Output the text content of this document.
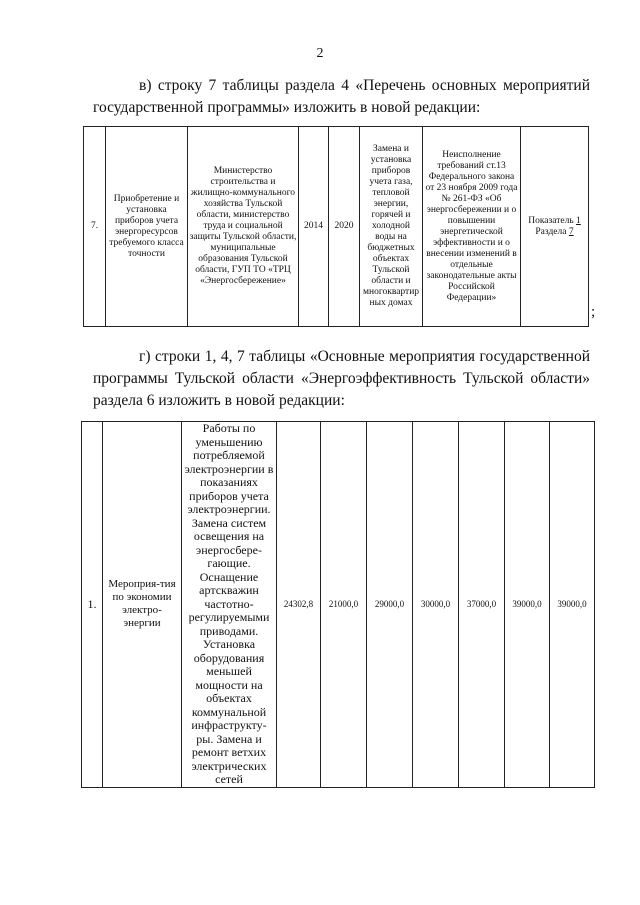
2
в) строку 7 таблицы раздела 4 «Перечень основных мероприятий
государственной программы» изложить в новой редакции:
7.	Приобретение и установка приборов учета энергоресурсов требуемого класса точности	Министерство строительства и жилищно-коммунального хозяйства Тульской области, министерство труда и социальной защиты Тульской области, муниципальные образования Тульской области, ГУП ТО «ТРЦ «Энергосбережение»	2014	2020	Замена и установка приборов учета газа, тепловой энергии, горячей и холодной воды на бюджетных объектах Тульской области и многоквартирных домах	Неисполнение требований ст.13 Федерального закона от 23 ноября 2009 года № 261-ФЗ «Об энергосбережении и о повышении энергетической эффективности и о внесении изменений в отдельные законодательные акты Российской Федерации»	Показатель 1
Раздела 7
;
г) строки 1, 4, 7 таблицы «Основные мероприятия государственной
программы Тульской области «Энергоэффективность Тульской области»
раздела 6 изложить в новой редакции:
1.	Мероприя-тия по экономии электро-энергии	Работы по уменьшению потребляемой электроэнергии в показаниях приборов учета электроэнергии. Замена систем освещения на энергосбере-гающие. Оснащение артскважин частотно-регулируемыми приводами. Установка оборудования меньшей мощности на объектах коммунальной инфраструкту-ры. Замена и ремонт ветхих электрических сетей	24302,8	21000,0	29000,0	30000,0	37000,0	39000,0	39000,0
